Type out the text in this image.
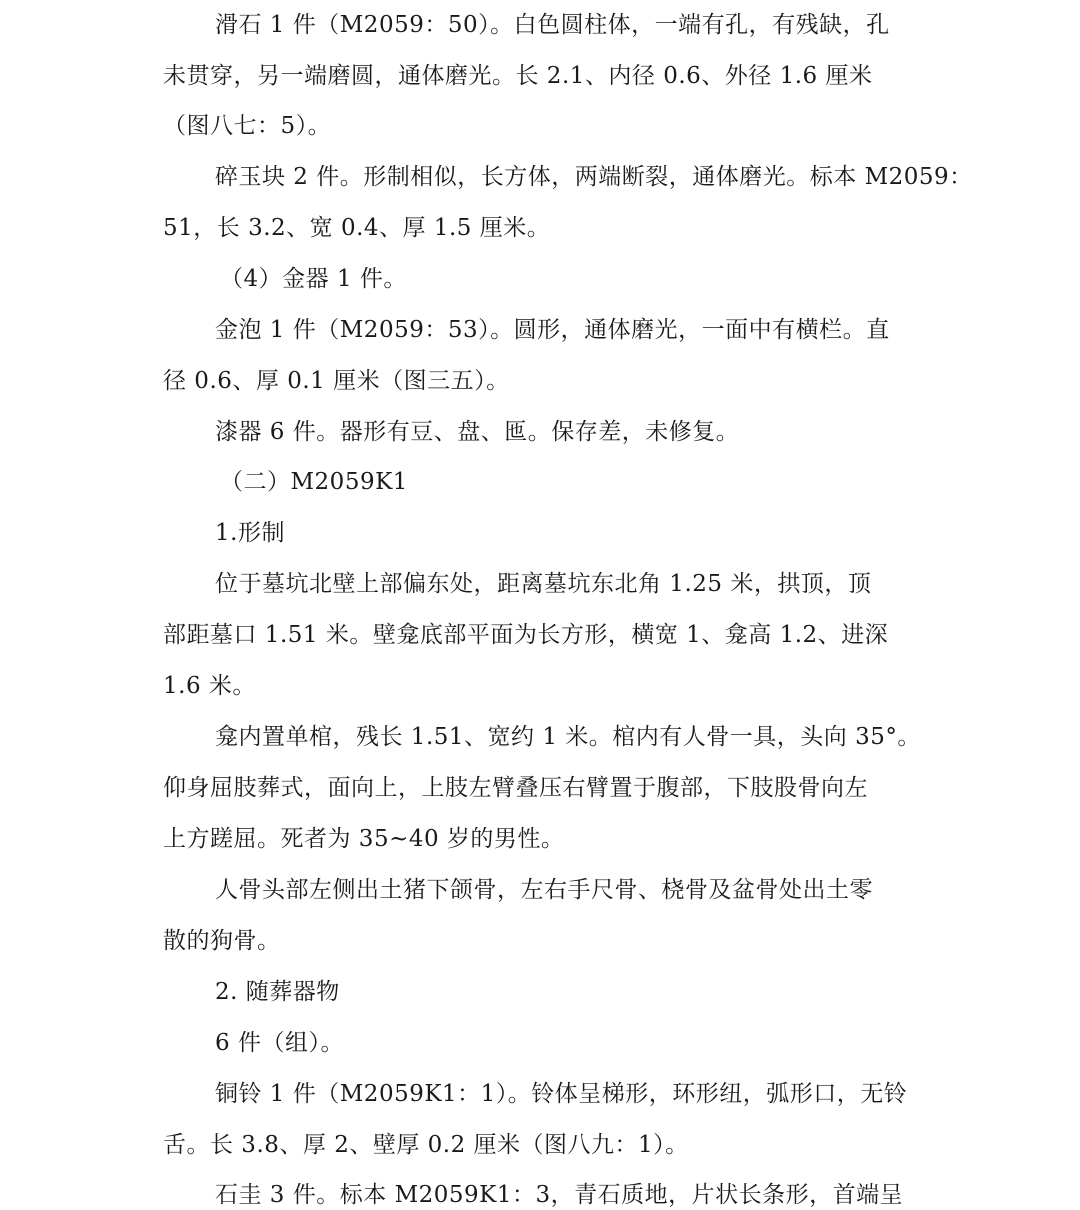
滑石 1 件（M2059：50）。白色圆柱体，一端有孔，有残缺，孔
未贯穿，另一端磨圆，通体磨光。长 2.1、内径 0.6、外径 1.6 厘米
（图八七：5）。
碎玉块 2 件。形制相似，长方体，两端断裂，通体磨光。标本 M2059：
51，长 3.2、宽 0.4、厚 1.5 厘米。
（4）金器 1 件。
金泡 1 件（M2059：53）。圆形，通体磨光，一面中有横栏。直
径 0.6、厚 0.1 厘米（图三五）。
漆器 6 件。器形有豆、盘、匜。保存差，未修复。
（二）M2059K1
1.形制
位于墓坑北壁上部偏东处，距离墓坑东北角 1.25 米，拱顶，顶
部距墓口 1.51 米。壁龛底部平面为长方形，横宽 1、龛高 1.2、进深
1.6 米。
龛内置单棺，残长 1.51、宽约 1 米。棺内有人骨一具，头向 35°。
仰身屈肢葬式，面向上，上肢左臂叠压右臂置于腹部，下肢股骨向左
上方蹉屈。死者为 35~40 岁的男性。
人骨头部左侧出土猪下颌骨，左右手尺骨、桡骨及盆骨处出土零
散的狗骨。
2. 随葬器物
6 件（组）。
铜铃 1 件（M2059K1：1）。铃体呈梯形，环形纽，弧形口，无铃
舌。长 3.8、厚 2、壁厚 0.2 厘米（图八九：1）。
石圭 3 件。标本 M2059K1：3，青石质地，片状长条形，首端呈
